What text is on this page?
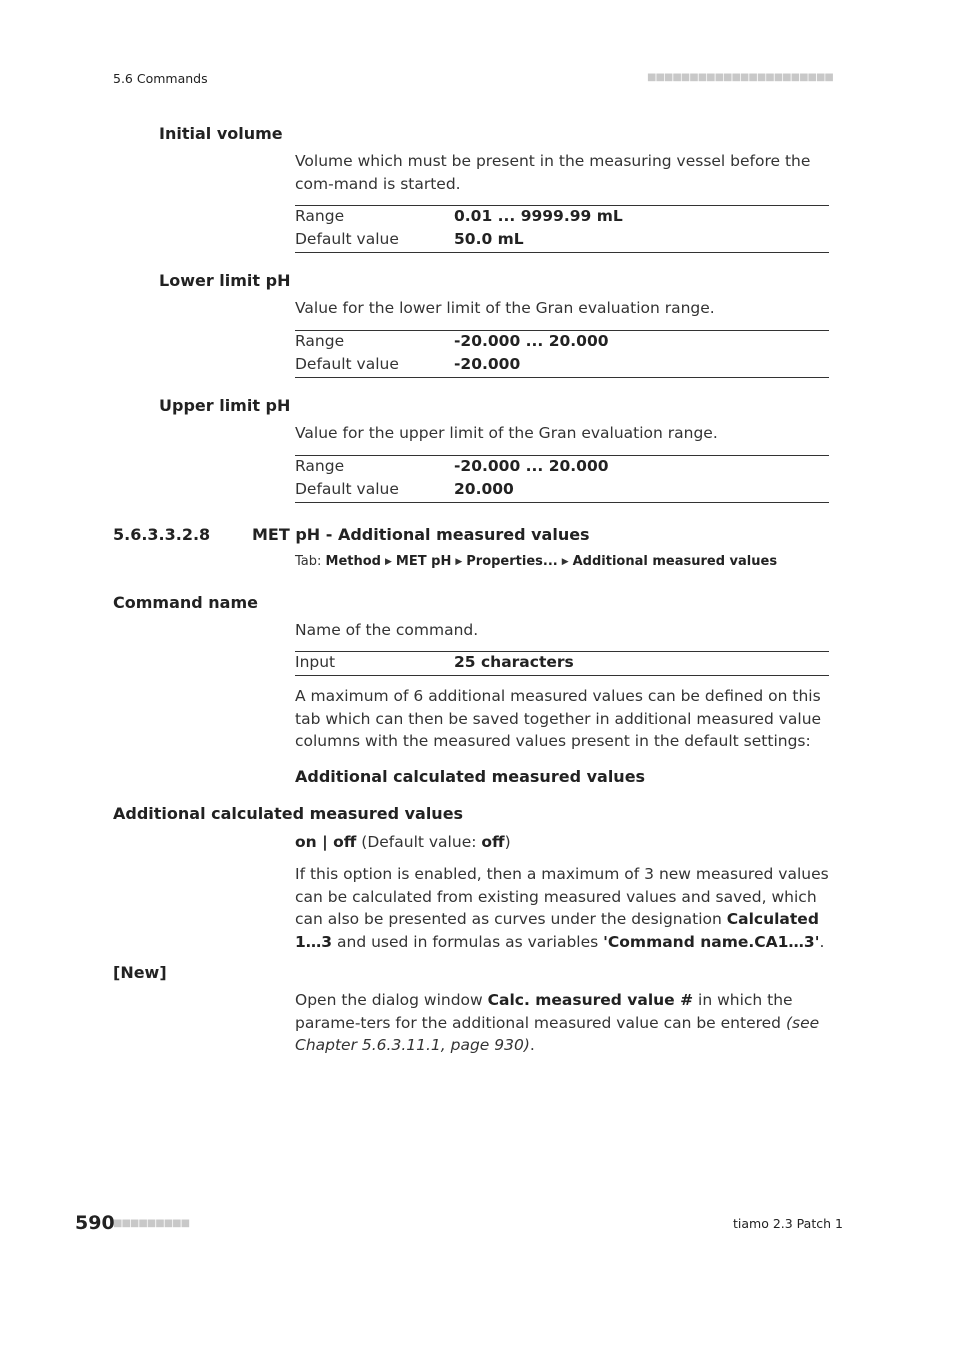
5.6 Commands	■■■■■■■■■■■■■■■■■■■■■■
Initial volume
Volume which must be present in the measuring vessel before the com-mand is started.
Range	0.01 ... 9999.99 mL
Default value	50.0 mL
Lower limit pH
Value for the lower limit of the Gran evaluation range.
Range	-20.000 ... 20.000
Default value	-20.000
Upper limit pH
Value for the upper limit of the Gran evaluation range.
Range	-20.000 ... 20.000
Default value	20.000
5.6.3.3.2.8	MET pH - Additional measured values
Tab: Method ▶ MET pH ▶ Properties... ▶ Additional measured values
Command name
Name of the command.
Input	25 characters
A maximum of 6 additional measured values can be defined on this tab which can then be saved together in additional measured value columns with the measured values present in the default settings:
Additional calculated measured values
Additional calculated measured values
on | off (Default value: off)
If this option is enabled, then a maximum of 3 new measured values can be calculated from existing measured values and saved, which can also be presented as curves under the designation Calculated 1…3 and used in formulas as variables 'Command name.CA1…3'.
[New]
Open the dialog window Calc. measured value # in which the parame-ters for the additional measured value can be entered (see Chapter 5.6.3.11.1, page 930).
590
■■■■■■■■■	tiamo 2.3 Patch 1
